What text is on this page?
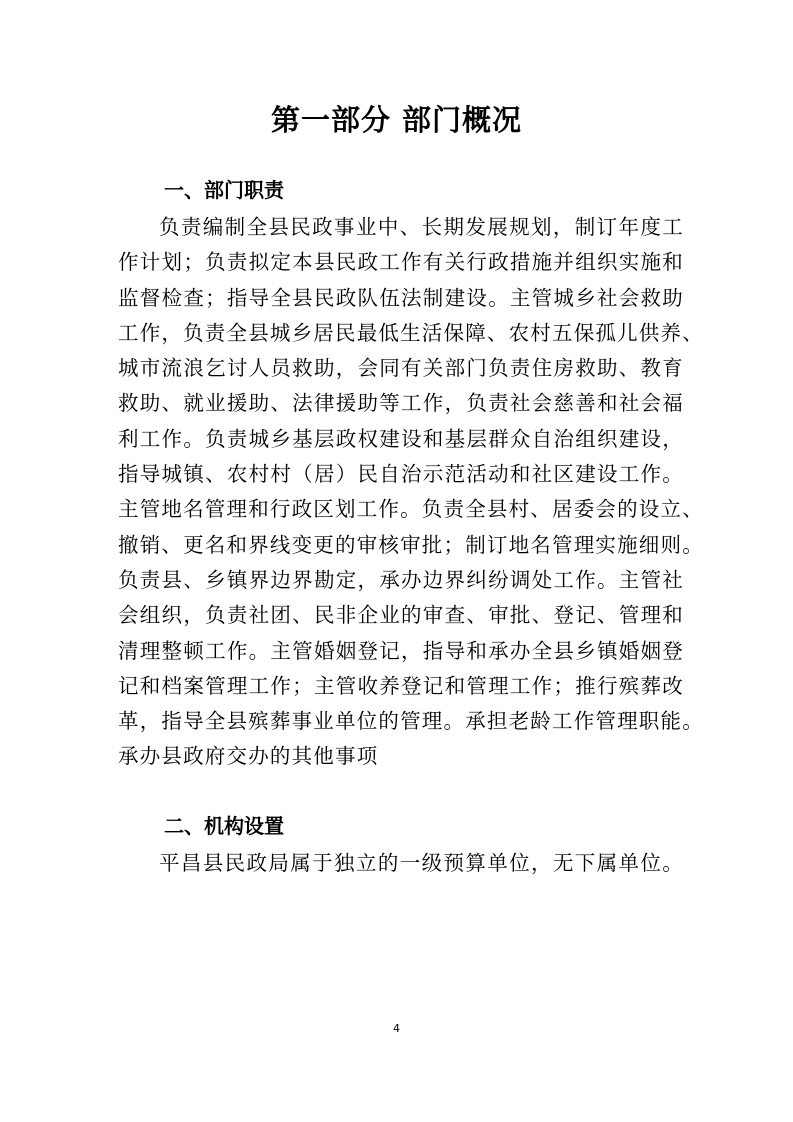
第一部分 部门概况
一、部门职责
负责编制全县民政事业中、长期发展规划，制订年度工
作计划；负责拟定本县民政工作有关行政措施并组织实施和
监督检查；指导全县民政队伍法制建设。主管城乡社会救助
工作，负责全县城乡居民最低生活保障、农村五保孤儿供养、
城市流浪乞讨人员救助，会同有关部门负责住房救助、教育
救助、就业援助、法律援助等工作，负责社会慈善和社会福
利工作。负责城乡基层政权建设和基层群众自治组织建设，
指导城镇、农村村（居）民自治示范活动和社区建设工作。
主管地名管理和行政区划工作。负责全县村、居委会的设立、
撤销、更名和界线变更的审核审批；制订地名管理实施细则。
负责县、乡镇界边界勘定，承办边界纠纷调处工作。主管社
会组织，负责社团、民非企业的审查、审批、登记、管理和
清理整顿工作。主管婚姻登记，指导和承办全县乡镇婚姻登
记和档案管理工作；主管收养登记和管理工作；推行殡葬改
革，指导全县殡葬事业单位的管理。承担老龄工作管理职能。
承办县政府交办的其他事项
二、机构设置
平昌县民政局属于独立的一级预算单位，无下属单位。
4
